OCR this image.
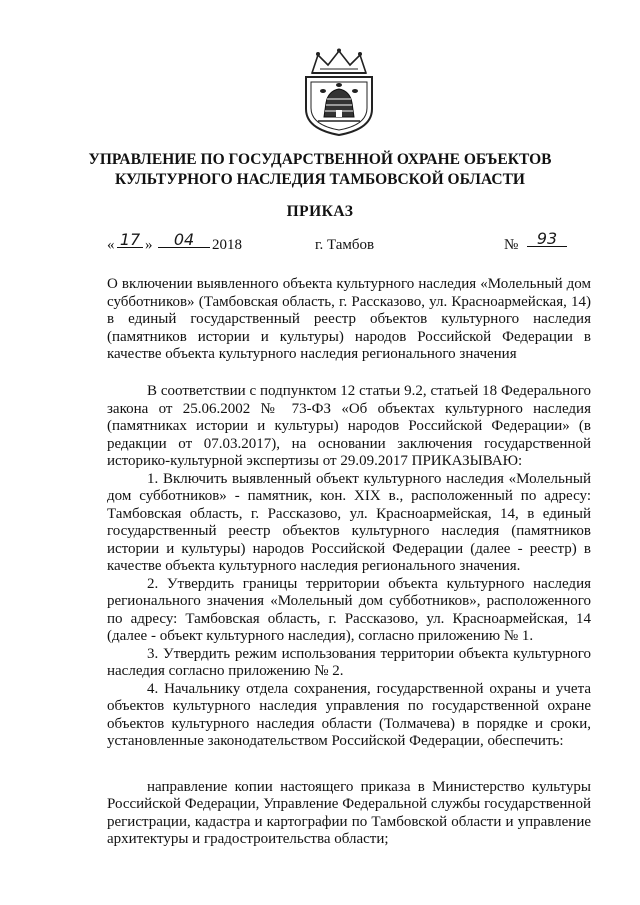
УПРАВЛЕНИЕ ПО ГОСУДАРСТВЕННОЙ ОХРАНЕ ОБЪЕКТОВ
КУЛЬТУРНОГО НАСЛЕДИЯ ТАМБОВСКОЙ ОБЛАСТИ
ПРИКАЗ
« 17 »	04	2018	г. Тамбов	№	93
О включении выявленного объекта культурного наследия «Молельный дом субботников» (Тамбовская область, г. Рассказово, ул. Красноармейская, 14) в единый государственный реестр объектов культурного наследия (памятников истории и культуры) народов Российской Федерации в качестве объекта культурного наследия регионального значения

В соответствии с подпунктом 12 статьи 9.2, статьей 18 Федерального закона от 25.06.2002 № 73-ФЗ «Об объектах культурного наследия (памятниках истории и культуры) народов Российской Федерации» (в редакции от 07.03.2017), на основании заключения государственной историко-культурной экспертизы от 29.09.2017 ПРИКАЗЫВАЮ:

1. Включить выявленный объект культурного наследия «Молельный дом субботников» - памятник, кон. XIX в., расположенный по адресу: Тамбовская область, г. Рассказово, ул. Красноармейская, 14, в единый государственный реестр объектов культурного наследия (памятников истории и культуры) народов Российской Федерации (далее - реестр) в качестве объекта культурного наследия регионального значения.

2. Утвердить границы территории объекта культурного наследия регионального значения «Молельный дом субботников», расположенного по адресу: Тамбовская область, г. Рассказово, ул. Красноармейская, 14 (далее - объект культурного наследия), согласно приложению № 1.

3. Утвердить режим использования территории объекта культурного наследия согласно приложению № 2.

4. Начальнику отдела сохранения, государственной охраны и учета объектов культурного наследия управления по государственной охране объектов культурного наследия области (Толмачева) в порядке и сроки, установленные законодательством Российской Федерации, обеспечить:

направление копии настоящего приказа в Министерство культуры Российской Федерации, Управление Федеральной службы государственной регистрации, кадастра и картографии по Тамбовской области и управление архитектуры и градостроительства области;
